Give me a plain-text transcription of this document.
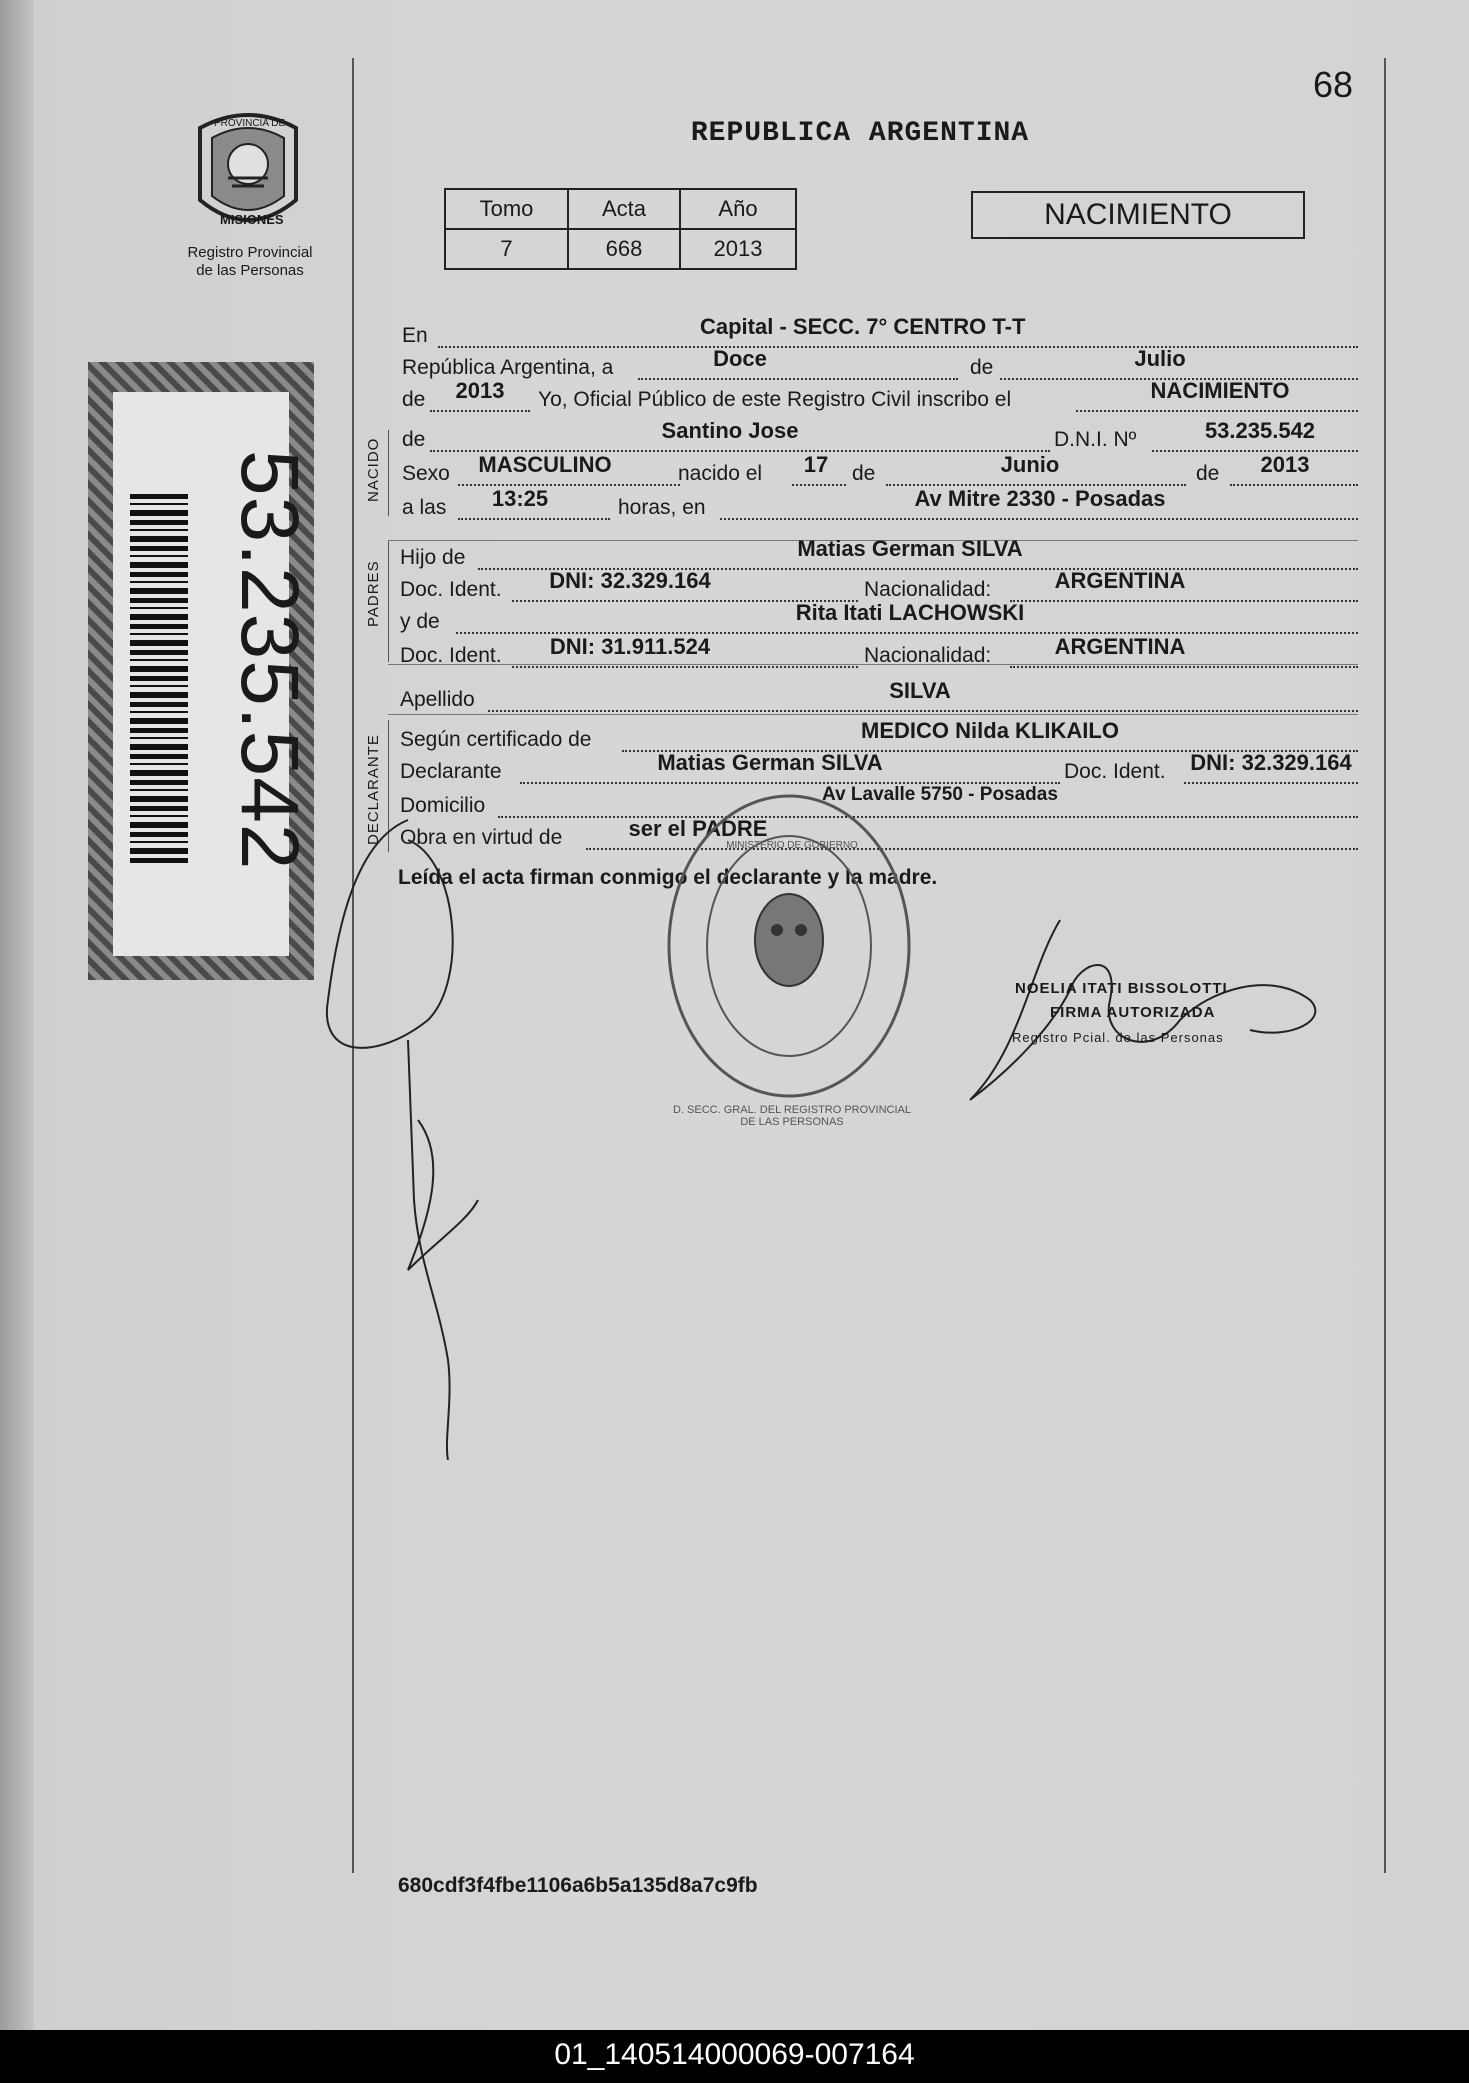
68
REPUBLICA ARGENTINA
PROVINCIA DE
MISIONES
Registro Provincial
de las Personas
Tomo	Acta	Año
7	668	2013
NACIMIENTO
53.235.542	NACIDO
PADRES
DECLARANTE
En	Capital - SECC. 7° CENTRO T-T
República Argentina, a	Doce	de	Julio
de 2013 Yo, Oficial Público de este Registro Civil inscribo el	NACIMIENTO
de	Santino Jose	D.N.I. Nº	53.235.542
Sexo	MASCULINO	nacido el 17 de	Junio	de	2013
a las	13:25	horas, en	Av Mitre 2330 - Posadas
Hijo de	Matias German SILVA
Doc. Ident.	DNI: 32.329.164	Nacionalidad:	ARGENTINA
y de	Rita Itati LACHOWSKI
Doc. Ident.	DNI: 31.911.524	Nacionalidad:	ARGENTINA
Apellido	SILVA
Según certificado de	MEDICO Nilda KLIKAILO
Declarante	Matias German SILVA	Doc. Ident.	DNI: 32.329.164
Domicilio	Av Lavalle 5750 - Posadas
Obra en virtud de	ser el PADRE
Leída el acta firman conmigo el declarante y la madre.
D. SECC. GRAL. DEL REGISTRO PROVINCIAL DE LAS PERSONAS
MINISTERIO DE GOBIERNO
NOELIA ITATI BISSOLOTTI
FIRMA AUTORIZADA
Registro Pcial. de las Personas
680cdf3f4fbe1106a6b5a135d8a7c9fb
01_140514000069-007164
